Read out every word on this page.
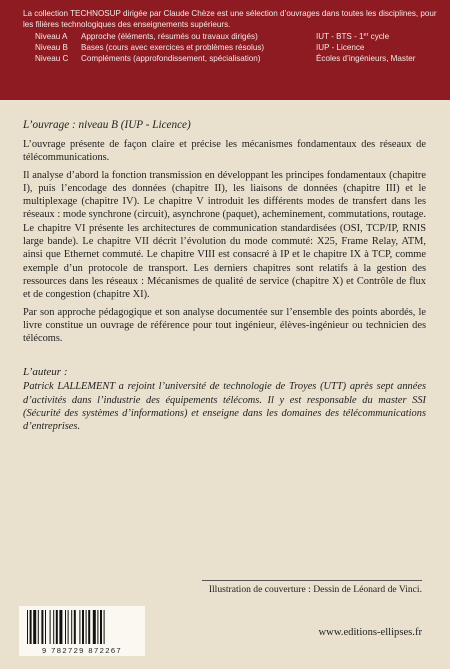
La collection TECHNOSUP dirigée par Claude Chèze est une sélection d’ouvrages dans toutes les disciplines, pour les filières technologiques des enseignements supérieurs.
Niveau A	Approche (éléments, résumés ou travaux dirigés)	IUT - BTS - 1er cycle
Niveau B	Bases (cours avec exercices et problèmes résolus)	IUP - Licence
Niveau C	Compléments (approfondissement, spécialisation)	Écoles d’ingénieurs, Master
L’ouvrage : niveau B (IUP - Licence)

L’ouvrage présente de façon claire et précise les mécanismes fondamentaux des réseaux de télécommunications.

Il analyse d’abord la fonction transmission en développant les principes fondamentaux (chapitre I), puis l’encodage des données (chapitre II), les liaisons de données (chapitre III) et le multiplexage (chapitre IV). Le chapitre V introduit les différents modes de transfert dans les réseaux : mode synchrone (circuit), asynchrone (paquet), acheminement, commutations, routage. Le chapitre VI présente les architectures de communication standardisées (OSI, TCP/IP, RNIS large bande). Le chapitre VII décrit l’évolution du mode commuté: X25, Frame Relay, ATM, ainsi que Ethernet commuté. Le chapitre VIII est consacré à IP et le chapitre IX à TCP, comme exemple d’un protocole de transport. Les derniers chapitres sont relatifs à la gestion des ressources dans les réseaux : Mécanismes de qualité de service (chapitre X) et Contrôle de flux et de congestion (chapitre XI).

Par son approche pédagogique et son analyse documentée sur l’ensemble des points abordés, le livre constitue un ouvrage de référence pour tout ingénieur, élèves-ingénieur ou technicien des télécoms.

L’auteur :

Patrick LALLEMENT a rejoint l’université de technologie de Troyes (UTT) après sept années d’activités dans l’industrie des équipements télécoms. Il y est responsable du master SSI (Sécurité des systèmes d’informations) et enseigne dans les domaines des télécommunications d’entreprises.

Illustration de couverture : Dessin de Léonard de Vinci.
9 782729 872267
www.editions-ellipses.fr
